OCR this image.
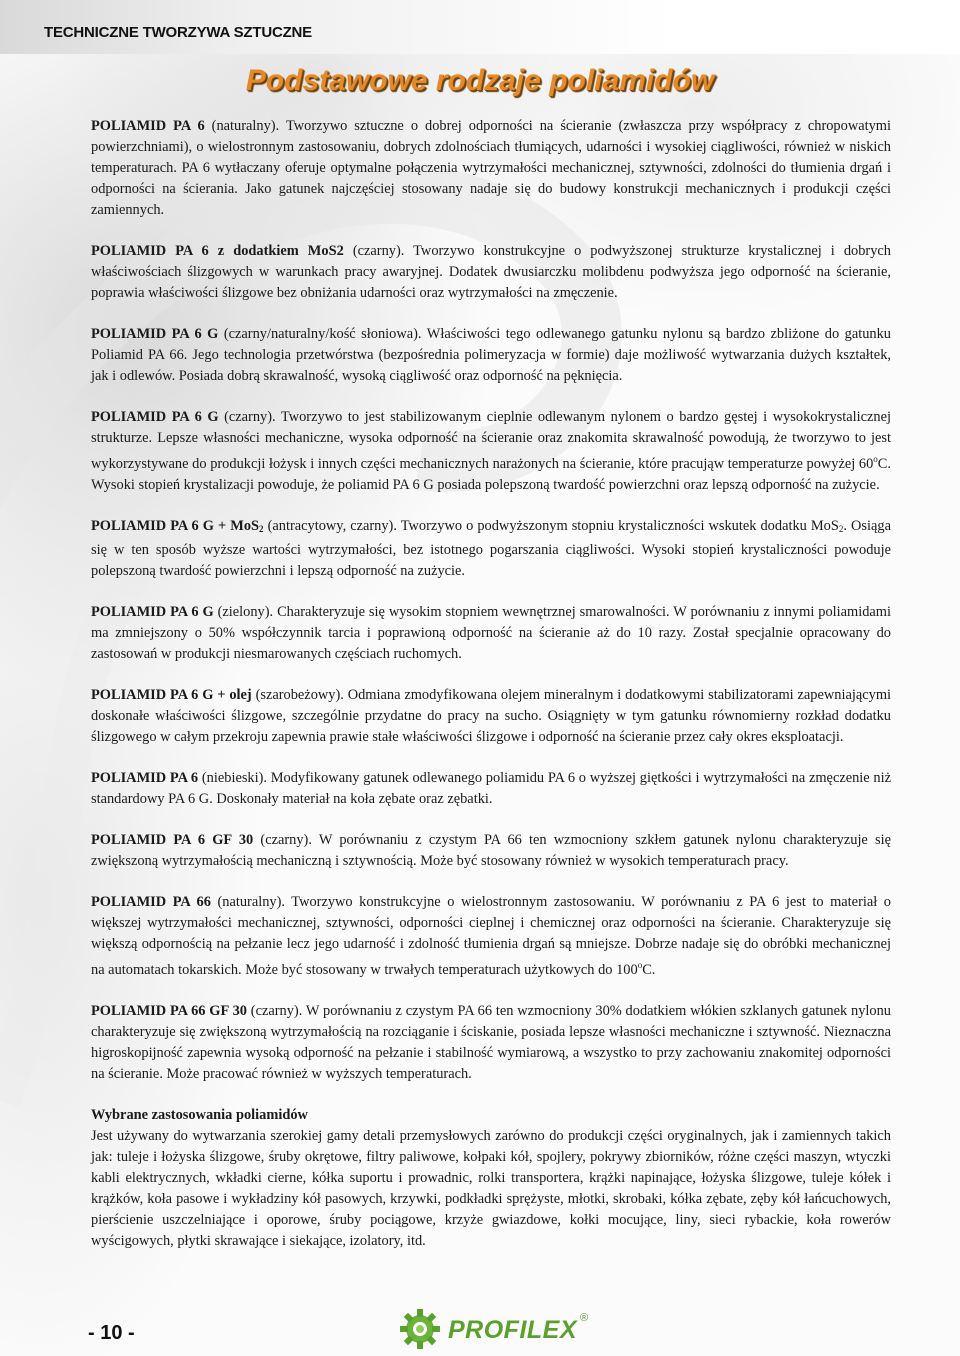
TECHNICZNE TWORZYWA SZTUCZNE
Podstawowe rodzaje poliamidów

POLIAMID PA 6 (naturalny). Tworzywo sztuczne o dobrej odporności na ścieranie (zwłaszcza przy współpracy z chropowatymi powierzchniami), o wielostronnym zastosowaniu, dobrych zdolnościach tłumiących, udarności i wysokiej ciągliwości, również w niskich temperaturach. PA 6 wytłaczany oferuje optymalne połączenia wytrzymałości mechanicznej, sztywności, zdolności do tłumienia drgań i odporności na ścierania. Jako gatunek najczęściej stosowany nadaje się do budowy konstrukcji mechanicznych i produkcji części zamiennych.

POLIAMID PA 6 z dodatkiem MoS2 (czarny). Tworzywo konstrukcyjne o podwyższonej strukturze krystalicznej i dobrych właściwościach ślizgowych w warunkach pracy awaryjnej. Dodatek dwusiarczku molibdenu podwyższa jego odporność na ścieranie, poprawia właściwości ślizgowe bez obniżania udarności oraz wytrzymałości na zmęczenie.

POLIAMID PA 6 G (czarny/naturalny/kość słoniowa). Właściwości tego odlewanego gatunku nylonu są bardzo zbliżone do gatunku Poliamid PA 66. Jego technologia przetwórstwa (bezpośrednia polimeryzacja w formie) daje możliwość wytwarzania dużych kształtek, jak i odlewów. Posiada dobrą skrawalność, wysoką ciągliwość oraz odporność na pęknięcia.

POLIAMID PA 6 G (czarny). Tworzywo to jest stabilizowanym cieplnie odlewanym nylonem o bardzo gęstej i wysokokrystalicznej strukturze. Lepsze własności mechaniczne, wysoka odporność na ścieranie oraz znakomita skrawalność powodują, że tworzywo to jest wykorzystywane do produkcji łożysk i innych części mechanicznych narażonych na ścieranie, które pracująw temperaturze powyżej 60$^o$C. Wysoki stopień krystalizacji powoduje, że poliamid PA 6 G posiada polepszoną twardość powierzchni oraz lepszą odporność na zużycie.

POLIAMID PA 6 G + MoS$_2$ (antracytowy, czarny). Tworzywo o podwyższonym stopniu krystaliczności wskutek dodatku MoS$_2$. Osiąga się w ten sposób wyższe wartości wytrzymałości, bez istotnego pogarszania ciągliwości. Wysoki stopień krystaliczności powoduje polepszoną twardość powierzchni i lepszą odporność na zużycie.

POLIAMID PA 6 G (zielony). Charakteryzuje się wysokim stopniem wewnętrznej smarowalności. W porównaniu z innymi poliamidami ma zmniejszony o 50% współczynnik tarcia i poprawioną odporność na ścieranie aż do 10 razy. Został specjalnie opracowany do zastosowań w produkcji niesmarowanych częściach ruchomych.

POLIAMID PA 6 G + olej (szarobeżowy). Odmiana zmodyfikowana olejem mineralnym i dodatkowymi stabilizatorami zapewniającymi doskonałe właściwości ślizgowe, szczególnie przydatne do pracy na sucho. Osiągnięty w tym gatunku równomierny rozkład dodatku ślizgowego w całym przekroju zapewnia prawie stałe właściwości ślizgowe i odporność na ścieranie przez cały okres eksploatacji.

POLIAMID PA 6 (niebieski). Modyfikowany gatunek odlewanego poliamidu PA 6 o wyższej giętkości i wytrzymałości na zmęczenie niż standardowy PA 6 G. Doskonały materiał na koła zębate oraz zębatki.

POLIAMID PA 6 GF 30 (czarny). W porównaniu z czystym PA 66 ten wzmocniony szkłem gatunek nylonu charakteryzuje się zwiększoną wytrzymałością mechaniczną i sztywnością. Może być stosowany również w wysokich temperaturach pracy.

POLIAMID PA 66 (naturalny). Tworzywo konstrukcyjne o wielostronnym zastosowaniu. W porównaniu z PA 6 jest to materiał o większej wytrzymałości mechanicznej, sztywności, odporności cieplnej i chemicznej oraz odporności na ścieranie. Charakteryzuje się większą odpornością na pełzanie lecz jego udarność i zdolność tłumienia drgań są mniejsze. Dobrze nadaje się do obróbki mechanicznej na automatach tokarskich. Może być stosowany w trwałych temperaturach użytkowych do 100$^o$C.

POLIAMID PA 66 GF 30 (czarny). W porównaniu z czystym PA 66 ten wzmocniony 30% dodatkiem włókien szklanych gatunek nylonu charakteryzuje się zwiększoną wytrzymałością na rozciąganie i ściskanie, posiada lepsze własności mechaniczne i sztywność. Nieznaczna higroskopijność zapewnia wysoką odporność na pełzanie i stabilność wymiarową, a wszystko to przy zachowaniu znakomitej odporności na ścieranie. Może pracować również w wyższych temperaturach.

Wybrane zastosowania poliamidów

Jest używany do wytwarzania szerokiej gamy detali przemysłowych zarówno do produkcji części oryginalnych, jak i zamiennych takich jak: tuleje i łożyska ślizgowe, śruby okrętowe, filtry paliwowe, kołpaki kół, spojlery, pokrywy zbiorników, różne części maszyn, wtyczki kabli elektrycznych, wkładki cierne, kółka suportu i prowadnic, rolki transportera, krążki napinające, łożyska ślizgowe, tuleje kółek i krążków, koła pasowe i wykładziny kół pasowych, krzywki, podkładki sprężyste, młotki, skrobaki, kółka zębate, zęby kół łańcuchowych, pierścienie uszczelniające i oporowe, śruby pociągowe, krzyże gwiazdowe, kołki mocujące, liny, sieci rybackie, koła rowerów wyścigowych, płytki skrawające i siekające, izolatory, itd.

- 10 -	PROFILEX ®
